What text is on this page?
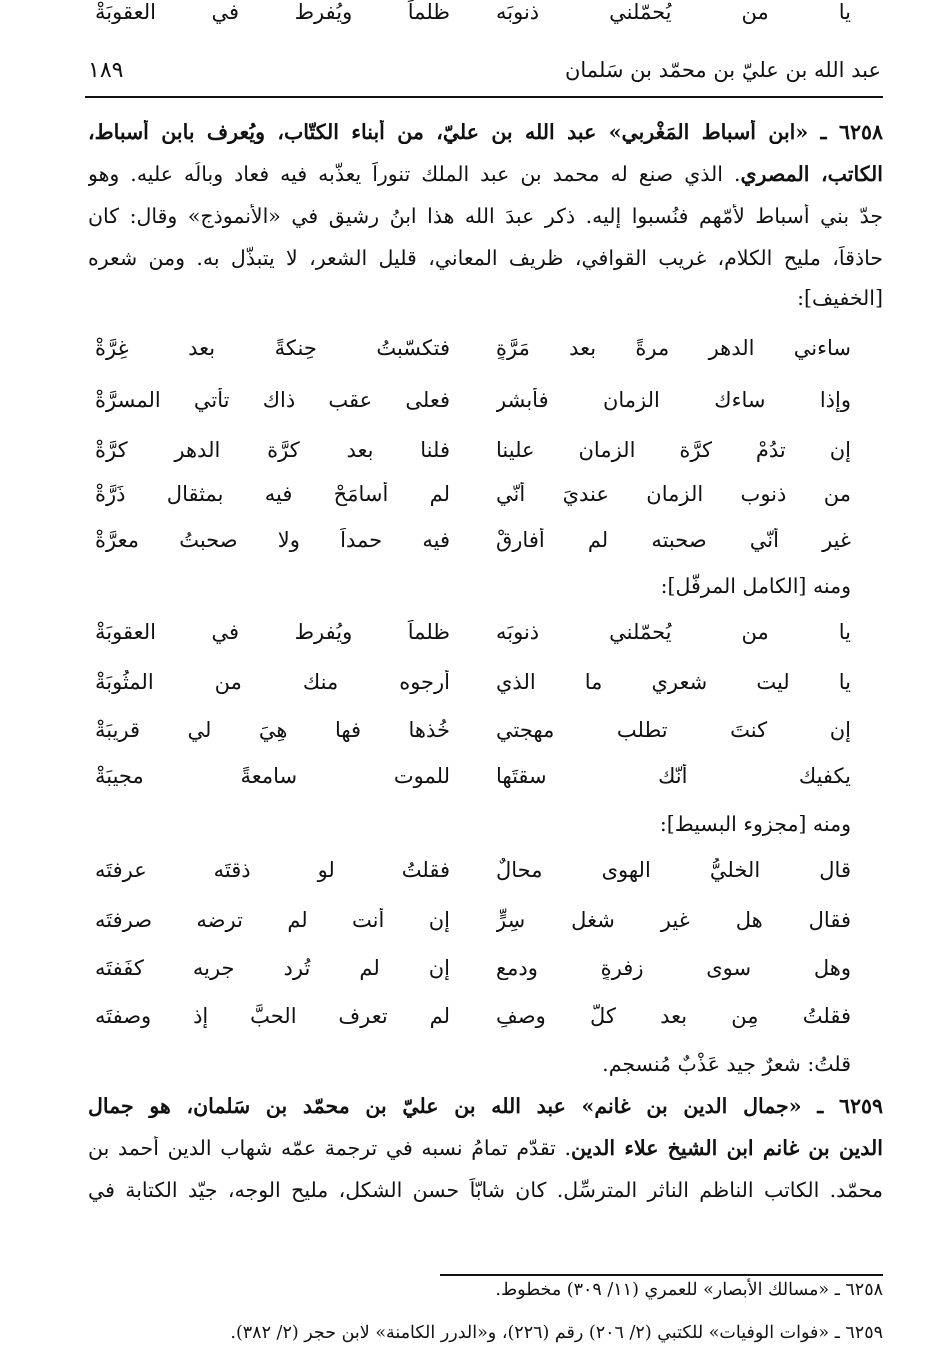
عبد الله بن عليّ بن محمّد بن سَلمان
١٨٩
٦٢٥٨ ـ «ابن أسباط المَغْربي» عبد الله بن عليّ، من أبناء الكتّاب، ويُعرف بابن أسباط،
الكاتب، المصري. الذي صنع له محمد بن عبد الملك تنوراً يعذّبه فيه فعاد وبالُه عليه. وهو
جدّ بني أسباط لأمّهم فنُسبوا إليه. ذكر عبدَ الله هذا ابنُ رشيق في «الأُنموذج» وقال: كان
حاذقاً، مليح الكلام، غريب القوافي، ظريف المعاني، قليل الشعر، لا يتبذّل به. ومن شعره
[الخفيف]:
ساءني الدهر مرةً بعد مَرَّةٍ
فتكسّبتُ حِنكةً بعد غِرَّةْ
وإذا ساءك الزمان فأبشر
فعلى عقب ذاك تأتي المسرَّةْ
إن تدُمْ كرَّة الزمان علينا
فلنا بعد كرَّة الدهر كرَّةْ
من ذنوب الزمان عنديَ أنّي
لم أُسامَحْ فيه بمثقال ذَرَّةْ
غير أنّي صحبته لم أفارقْ
فيه حمداً ولا صحبتُ معرَّةْ
ومنه [الكامل المرفّل]:
يا من يُحمّلني ذنوبَه
ظلماً ويُفرط في العقوبَةْ
يا من يُحمّلني ذنوبَه
ظلماً ويُفرط في العقوبَةْ
يا ليت شعري ما الذي
أرجوه منك من المثُوبَةْ
إن كنتَ تطلب مهجتي
خُذها فها هِيَ لي قريبَةْ
يكفيك أنّك سقتَها
للموت سامعةً مجيبَةْ
ومنه [مجزوء البسيط]:
قال الخليُّ الهوى محالٌ
فقلتُ لو ذقتَه عرفتَه
فقال هل غير شغلِ سِرٍّ
إن أنت لم ترضه صرفتَه
وهل سوى زفرةٍ ودمعٍ
إن لم تُرد جريه كفَفتَه
فقلتُ مِن بعد كلّ وصفٍ
لم تعرف الحبَّ إذ وصفتَه
قلتُ: شعرٌ جيد عَذْبٌ مُنسجم.
٦٢٥٩ ـ «جمال الدين بن غانم» عبد الله بن عليّ بن محمّد بن سَلمان، هو جمال
الدين بن غانم ابن الشيخ علاء الدين. تقدّم تمامُ نسبه في ترجمة عمّه شهاب الدين أحمد بن
محمّد. الكاتب الناظم الناثر المترسِّل. كان شابّاً حسن الشكل، مليح الوجه، جيّد الكتابة في
٦٢٥٨ ـ «مسالك الأبصار» للعمري (١١/ ٣٠٩) مخطوط.
٦٢٥٩ ـ «فوات الوفيات» للكتبي (٢/ ٢٠٦) رقم (٢٢٦)، و«الدرر الكامنة» لابن حجر (٢/ ٣٨٢).
